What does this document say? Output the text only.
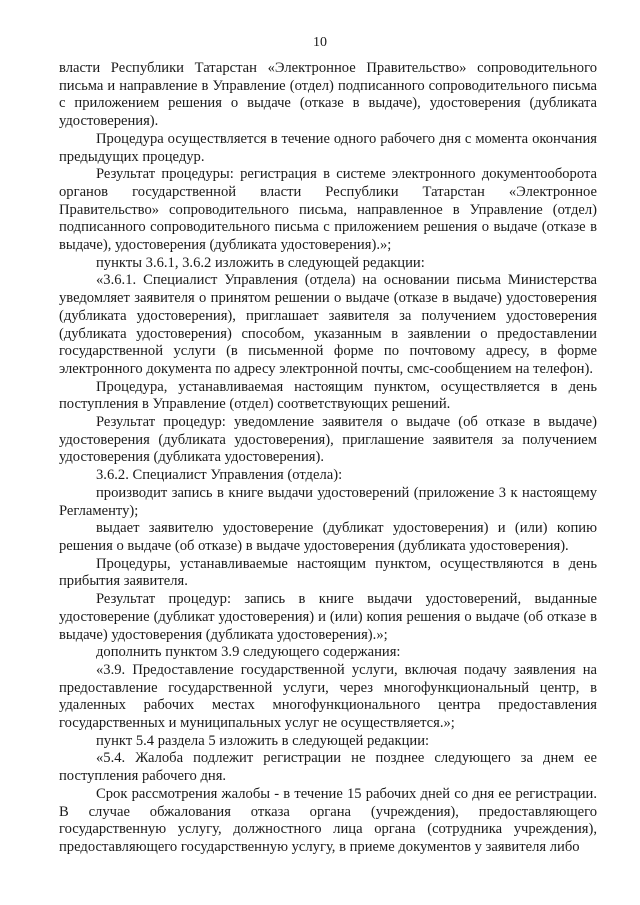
10

власти Республики Татарстан «Электронное Правительство» сопроводительного письма и направление в Управление (отдел) подписанного сопроводительного письма с приложением решения о выдаче (отказе в выдаче), удостоверения (дубликата удостоверения).

Процедура осуществляется в течение одного рабочего дня с момента окончания предыдущих процедур.

Результат процедуры: регистрация в системе электронного документооборота органов государственной власти Республики Татарстан «Электронное Правительство» сопроводительного письма, направленное в Управление (отдел) подписанного сопроводительного письма с приложением решения о выдаче (отказе в выдаче), удостоверения (дубликата удостоверения).»;

пункты 3.6.1, 3.6.2 изложить в следующей редакции:

«3.6.1. Специалист Управления (отдела) на основании письма Министерства уведомляет заявителя о принятом решении о выдаче (отказе в выдаче) удостоверения (дубликата удостоверения), приглашает заявителя за получением удостоверения (дубликата удостоверения) способом, указанным в заявлении о предоставлении государственной услуги (в письменной форме по почтовому адресу, в форме электронного документа по адресу электронной почты, смс-сообщением на телефон).

Процедура, устанавливаемая настоящим пунктом, осуществляется в день поступления в Управление (отдел) соответствующих решений.

Результат процедур: уведомление заявителя о выдаче (об отказе в выдаче) удостоверения (дубликата удостоверения), приглашение заявителя за получением удостоверения (дубликата удостоверения).

3.6.2. Специалист Управления (отдела):

производит запись в книге выдачи удостоверений (приложение 3 к настоящему Регламенту);

выдает заявителю удостоверение (дубликат удостоверения) и (или) копию решения о выдаче (об отказе) в выдаче удостоверения (дубликата удостоверения).

Процедуры, устанавливаемые настоящим пунктом, осуществляются в день прибытия заявителя.

Результат процедур: запись в книге выдачи удостоверений, выданные удостоверение (дубликат удостоверения) и (или) копия решения о выдаче (об отказе в выдаче) удостоверения (дубликата удостоверения).»;

дополнить пунктом 3.9 следующего содержания:

«3.9. Предоставление государственной услуги, включая подачу заявления на предоставление государственной услуги, через многофункциональный центр, в удаленных рабочих местах многофункционального центра предоставления государственных и муниципальных услуг не осуществляется.»;

пункт 5.4 раздела 5 изложить в следующей редакции:

«5.4. Жалоба подлежит регистрации не позднее следующего за днем ее поступления рабочего дня.

Срок рассмотрения жалобы - в течение 15 рабочих дней со дня ее регистрации. В случае обжалования отказа органа (учреждения), предоставляющего государственную услугу, должностного лица органа (сотрудника учреждения), предоставляющего государственную услугу, в приеме документов у заявителя либо
